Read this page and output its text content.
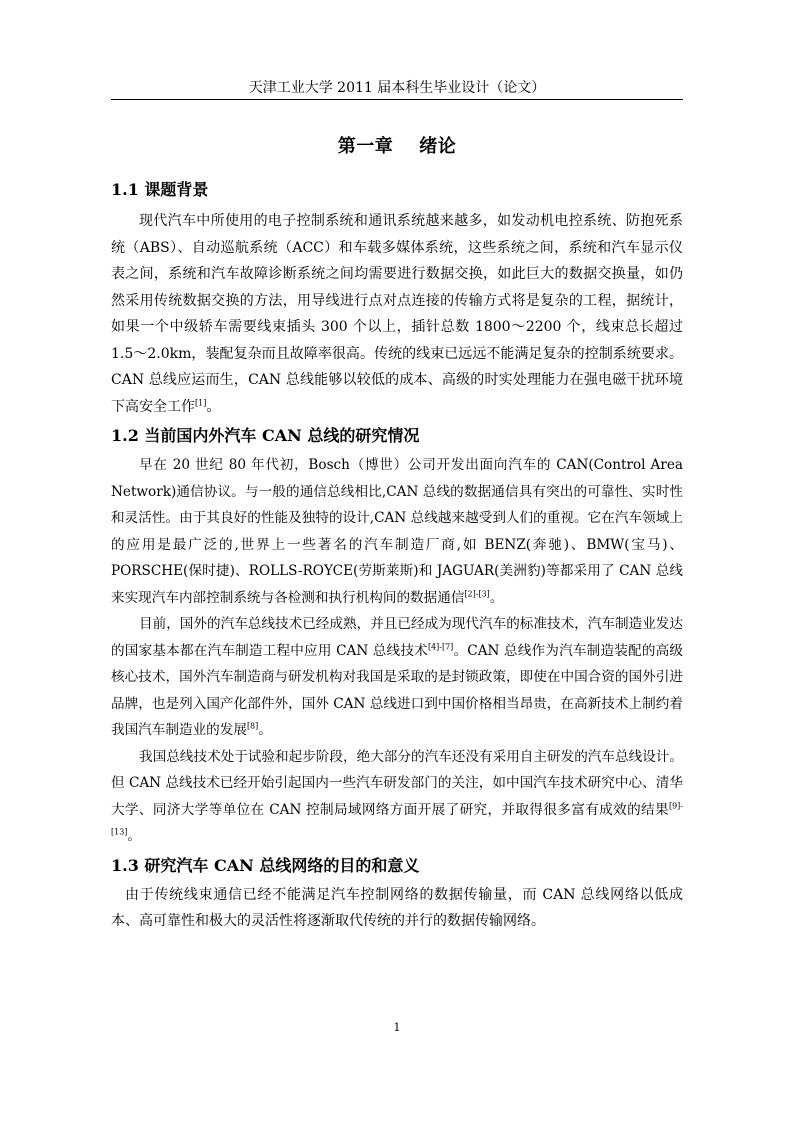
天津工业大学 2011 届本科生毕业设计（论文）
第一章 绪论
1.1 课题背景

现代汽车中所使用的电子控制系统和通讯系统越来越多，如发动机电控系统、防抱死系统（ABS）、自动巡航系统（ACC）和车载多媒体系统，这些系统之间，系统和汽车显示仪表之间，系统和汽车故障诊断系统之间均需要进行数据交换，如此巨大的数据交换量，如仍然采用传统数据交换的方法，用导线进行点对点连接的传输方式将是复杂的工程，据统计，如果一个中级轿车需要线束插头 300 个以上，插针总数 1800～2200 个，线束总长超过 1.5～2.0km，装配复杂而且故障率很高。传统的线束已远远不能满足复杂的控制系统要求。CAN 总线应运而生，CAN 总线能够以较低的成本、高级的时实处理能力在强电磁干扰环境下高安全工作[1]。

1.2 当前国内外汽车 CAN 总线的研究情况

早在 20 世纪 80 年代初，Bosch（博世）公司开发出面向汽车的 CAN(Control Area Network)通信协议。与一般的通信总线相比,CAN 总线的数据通信具有突出的可靠性、实时性和灵活性。由于其良好的性能及独特的设计,CAN 总线越来越受到人们的重视。它在汽车领域上的应用是最广泛的,世界上一些著名的汽车制造厂商,如 BENZ(奔驰)、BMW(宝马)、PORSCHE(保时捷)、ROLLS-ROYCE(劳斯莱斯)和 JAGUAR(美洲豹)等都采用了 CAN 总线来实现汽车内部控制系统与各检测和执行机构间的数据通信[2]-[3]。

目前，国外的汽车总线技术已经成熟，并且已经成为现代汽车的标准技术，汽车制造业发达的国家基本都在汽车制造工程中应用 CAN 总线技术[4]-[7]。CAN 总线作为汽车制造装配的高级核心技术，国外汽车制造商与研发机构对我国是采取的是封锁政策，即使在中国合资的国外引进品牌，也是列入国产化部件外，国外 CAN 总线进口到中国价格相当昂贵，在高新技术上制约着我国汽车制造业的发展[8]。

我国总线技术处于试验和起步阶段，绝大部分的汽车还没有采用自主研发的汽车总线设计。但 CAN 总线技术已经开始引起国内一些汽车研发部门的关注，如中国汽车技术研究中心、清华大学、同济大学等单位在 CAN 控制局域网络方面开展了研究，并取得很多富有成效的结果[9]-[13]。

1.3 研究汽车 CAN 总线网络的目的和意义

由于传统线束通信已经不能满足汽车控制网络的数据传输量，而 CAN 总线网络以低成本、高可靠性和极大的灵活性将逐渐取代传统的并行的数据传输网络。

1
